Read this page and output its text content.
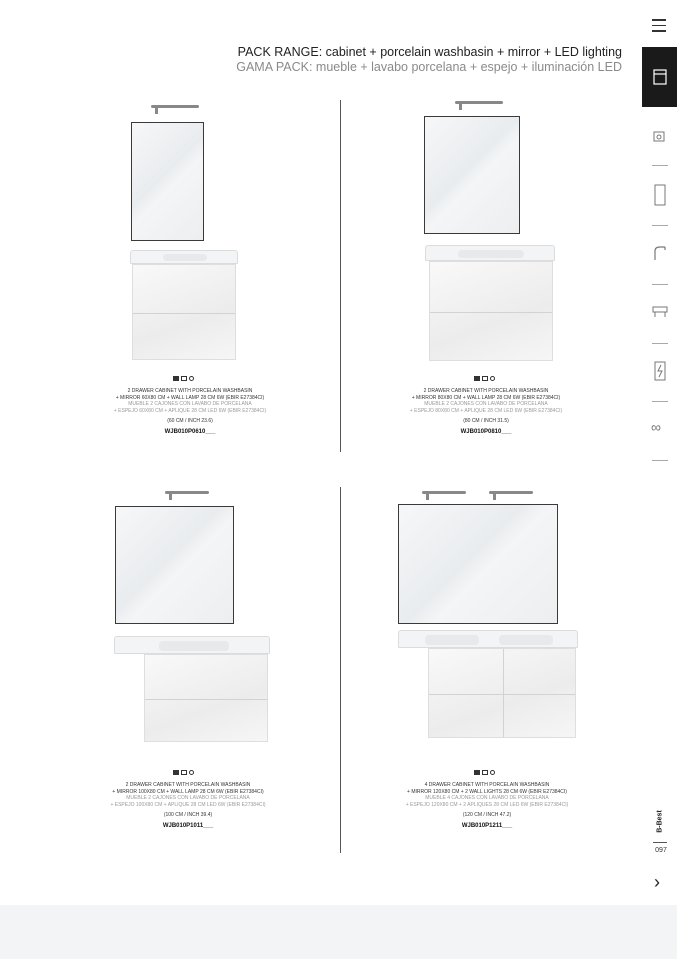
PACK RANGE: cabinet + porcelain washbasin + mirror + LED lighting
GAMA PACK: mueble + lavabo porcelana + espejo + iluminación LED
2 DRAWER CABINET WITH PORCELAIN WASHBASIN
+ MIRROR 60X80 CM + WALL LAMP 28 CM 6W (EBIR E27384CI)
MUEBLE 2 CAJONES CON LAVABO DE PORCELANA
+ ESPEJO 60X80 CM + APLIQUE 28 CM LED 6W (EBIR E27384CI)
(60 CM / INCH 23.6)
WJB010P0610___
2 DRAWER CABINET WITH PORCELAIN WASHBASIN
+ MIRROR 80X80 CM + WALL LAMP 28 CM 6W (EBIR E27384CI)
MUEBLE 2 CAJONES CON LAVABO DE PORCELANA
+ ESPEJO 80X80 CM + APLIQUE 28 CM LED 6W (EBIR E27384CI)
(80 CM / INCH 31.5)
WJB010P0810___
2 DRAWER CABINET WITH PORCELAIN WASHBASIN
+ MIRROR 100X80 CM + WALL LAMP 28 CM 6W (EBIR E27384CI)
MUEBLE 2 CAJONES CON LAVABO DE PORCELANA
+ ESPEJO 100X80 CM + APLIQUE 28 CM LED 6W (EBIR E27384CI)
(100 CM / INCH 39.4)
WJB010P1011___
4 DRAWER CABINET WITH PORCELAIN WASHBASIN
+ MIRROR 120X80 CM + 2 WALL LIGHTS 28 CM 6W (EBIR E27384CI)
MUEBLE 4 CAJONES CON LAVABO DE PORCELANA
+ ESPEJO 120X80 CM + 2 APLIQUES 28 CM LED 6W (EBIR E27384CI)
(120 CM / INCH 47.2)
WJB010P1211___
∞
B-Best
097
›
